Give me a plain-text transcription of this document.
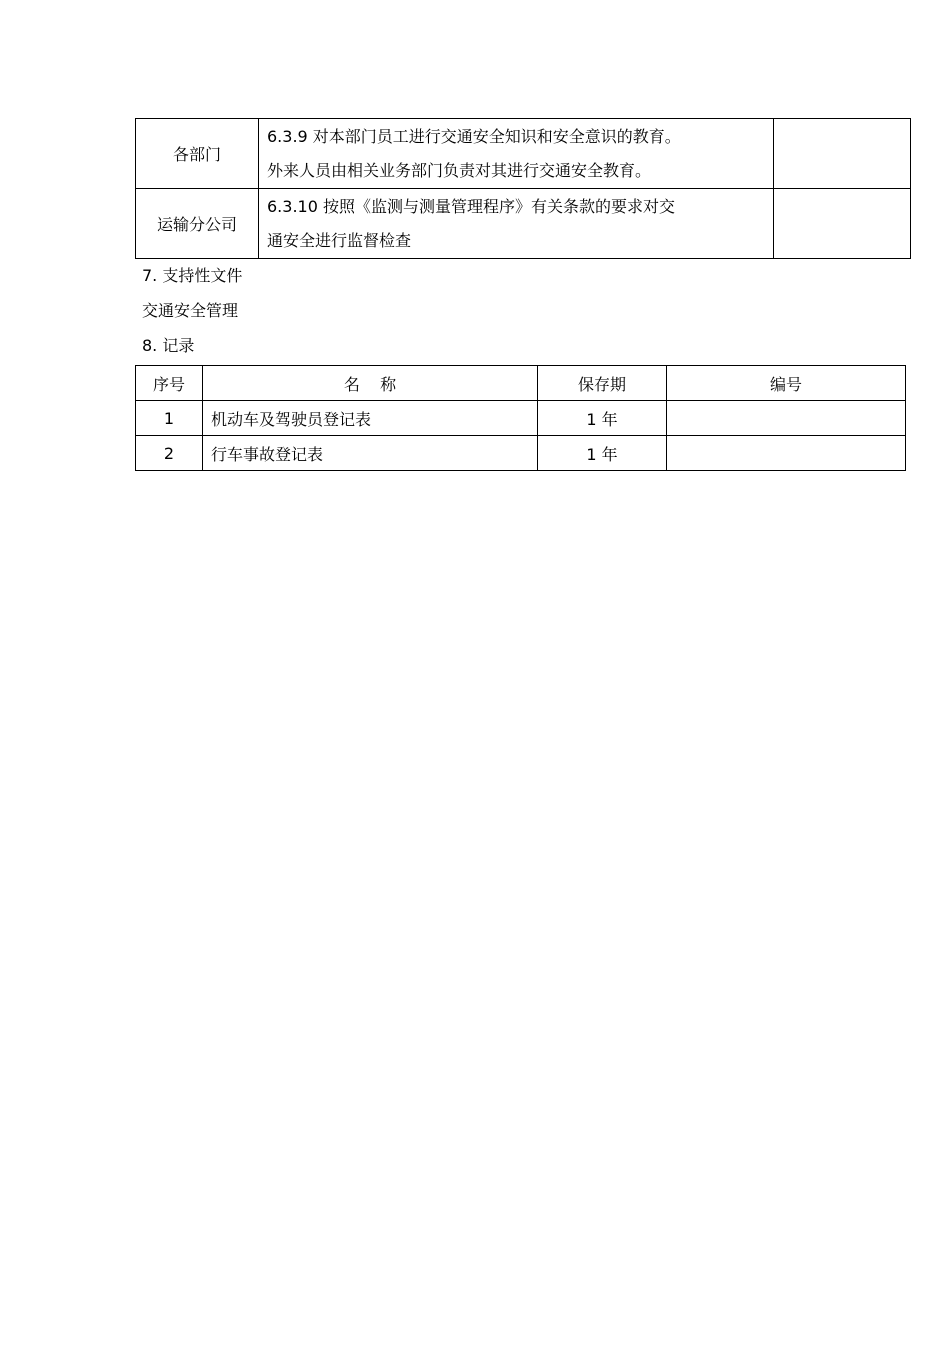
各部门	6.3.9 对本部门员工进行交通安全知识和安全意识的教育。
外来人员由相关业务部门负责对其进行交通安全教育。	

运输分公司	6.3.10 按照《监测与测量管理程序》有关条款的要求对交
通安全进行监督检查	

7. 支持性文件
交通安全管理
8. 记录
序号	名    称	保存期	编号
1	机动车及驾驶员登记表	1 年	
2	行车事故登记表	1 年	
